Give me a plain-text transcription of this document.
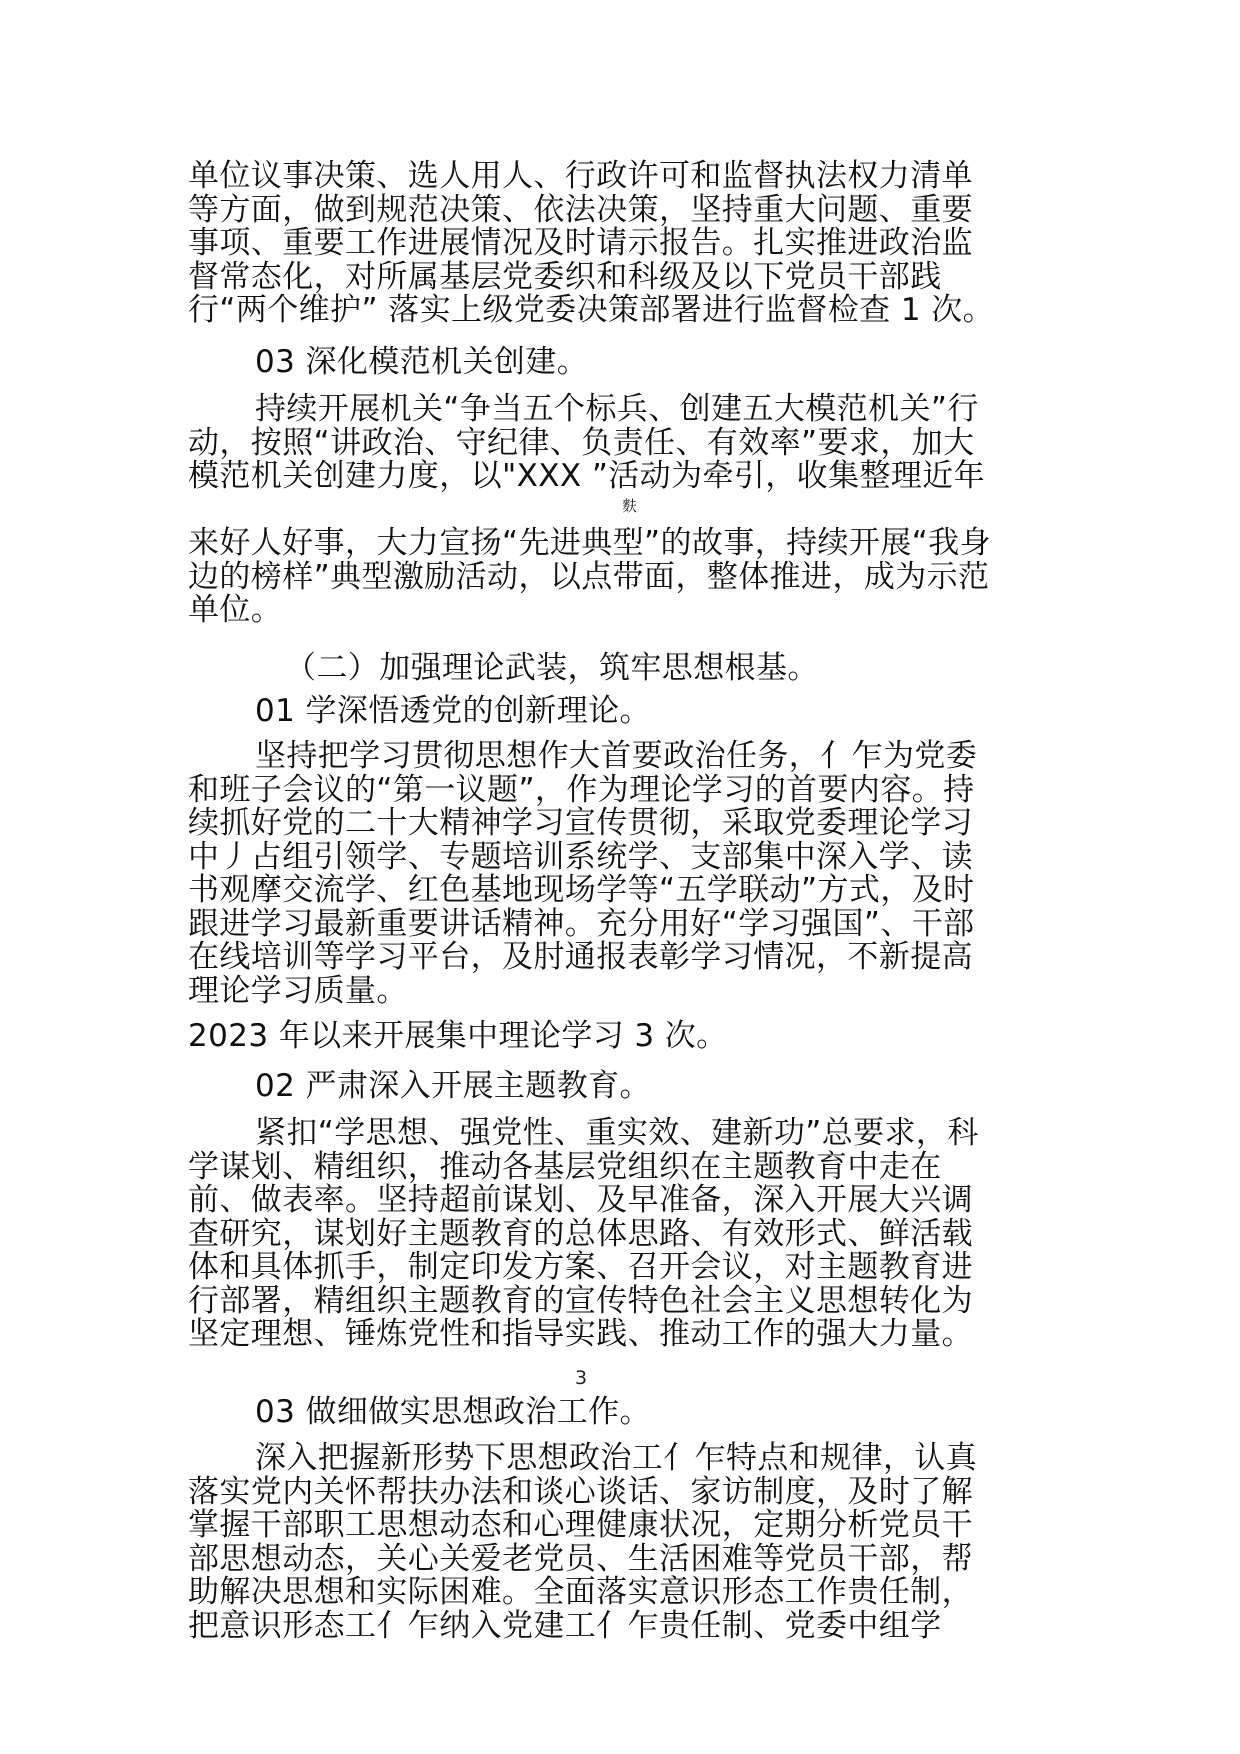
单位议事决策、选人用人、行政许可和监督执法权力清单
等方面，做到规范决策、依法决策，坚持重大问题、重要
事项、重要工作进展情况及时请示报告。扎实推进政治监
督常态化，对所属基层党委织和科级及以下党员干部践
行“两个维护” 落实上级党委决策部署进行监督检查 1 次。
03 深化模范机关创建。
持续开展机关“争当五个标兵、创建五大模范机关”行
动，按照“讲政治、守纪律、负责任、有效率”要求，加大
模范机关创建力度，以"XXX ”活动为牵引，收集整理近年
麩
来好人好事，大力宣扬“先进典型”的故事，持续开展“我身
边的榜样”典型激励活动，以点带面，整体推进，成为示范
单位。
（二）加强理论武装，筑牢思想根基。
01 学深悟透党的创新理论。
坚持把学习贯彻思想作大首要政治任务，亻乍为党委
和班子会议的“第一议题”，作为理论学习的首要内容。持
续抓好党的二十大精神学习宣传贯彻，采取党委理论学习
中丿占组引领学、专题培训系统学、支部集中深入学、读
书观摩交流学、红色基地现场学等“五学联动”方式，及时
跟进学习最新重要讲话精神。充分用好“学习强国”、干部
在线培训等学习平台，及肘通报表彰学习情况，不新提高
理论学习质量。
2023 年以来开展集中理论学习 3 次。
02 严肃深入开展主题教育。
紧扣“学思想、强党性、重实效、建新功”总要求，科
学谋划、精组织，推动各基层党组织在主题教育中走在
前、做表率。坚持超前谋划、及早准备，深入开展大兴调
查研究，谋划好主题教育的总体思路、有效形式、鲜活载
体和具体抓手，制定印发方案、召开会议，对主题教育进
行部署，精组织主题教育的宣传特色社会主义思想转化为
坚定理想、锤炼党性和指导实践、推动工作的强大力量。
3
03 做细做实思想政治工作。
深入把握新形势下思想政治工亻乍特点和规律，认真
落实党内关怀帮扶办法和谈心谈话、家访制度，及时了解
掌握干部职工思想动态和心理健康状况，定期分析党员干
部思想动态，关心关爱老党员、生活困难等党员干部，帮
助解决思想和实际困难。全面落实意识形态工作贵任制，
把意识形态工亻乍纳入党建工亻乍贵任制、党委中组学
